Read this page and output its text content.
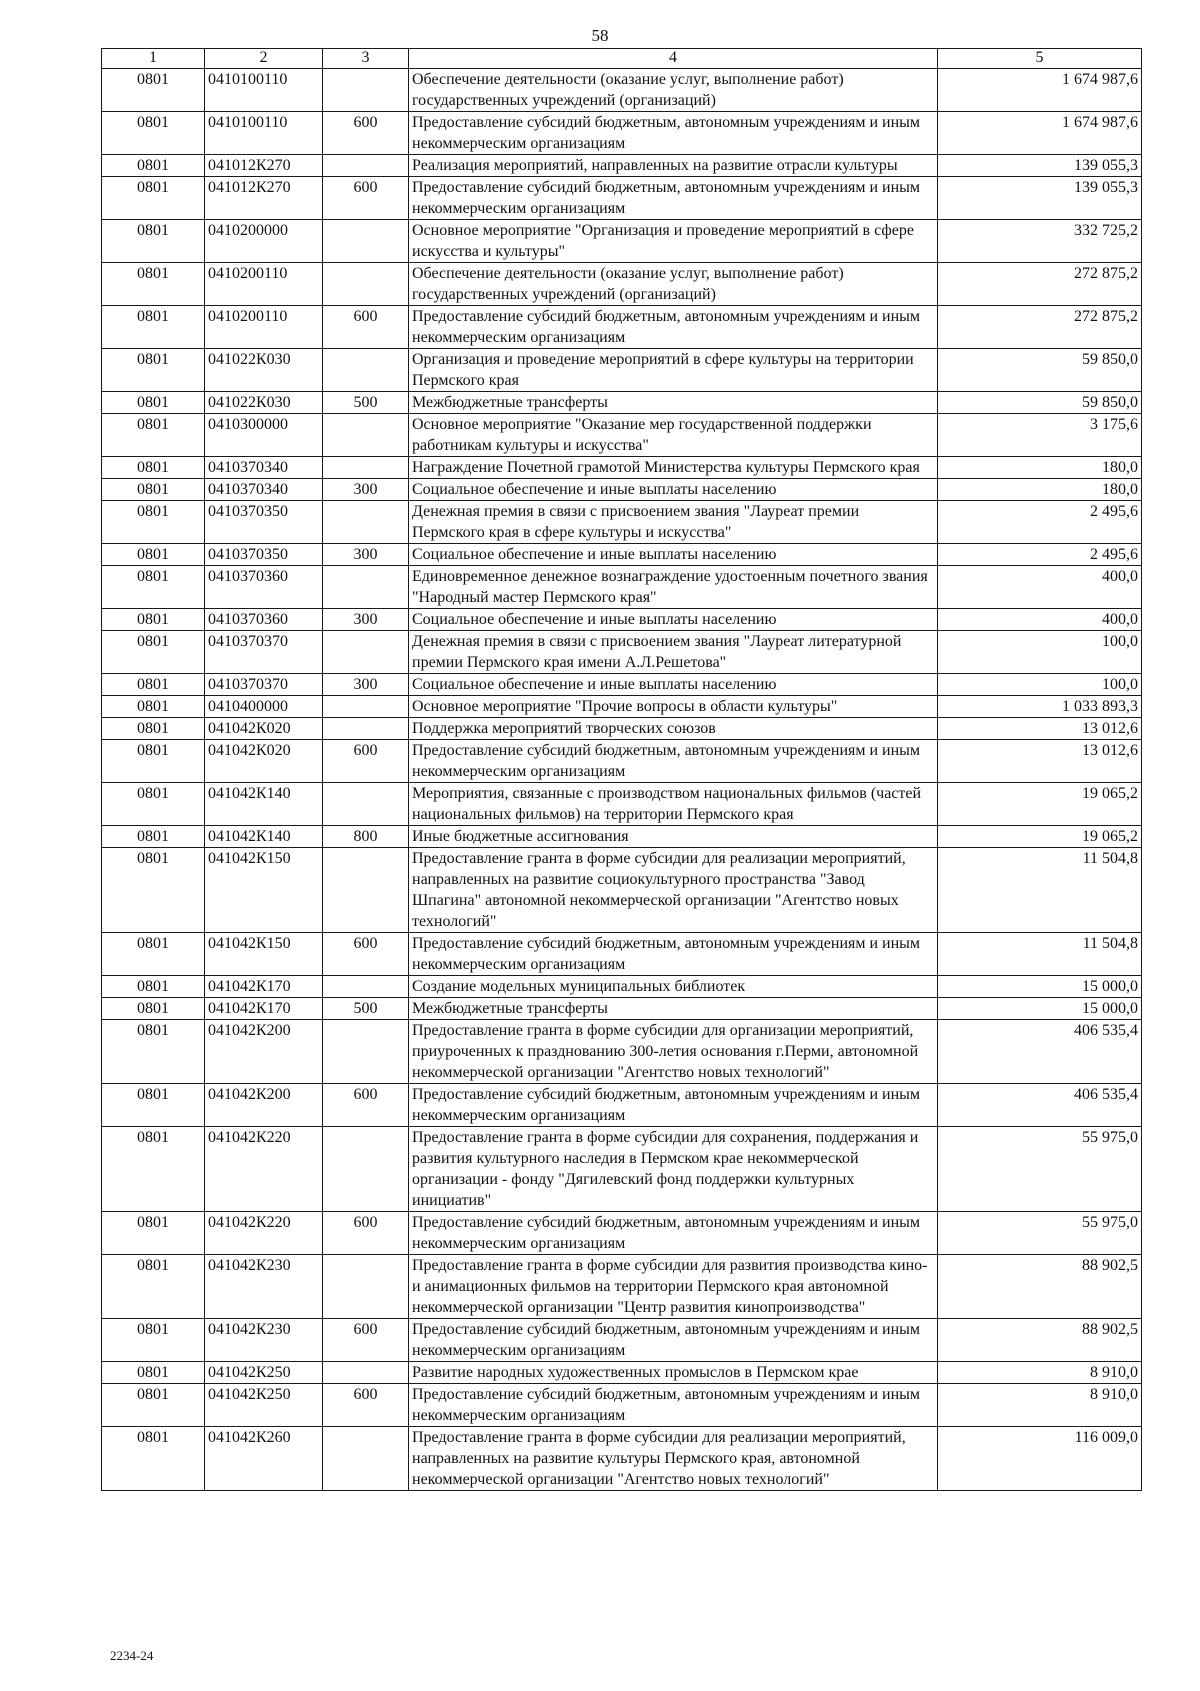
58
1	2	3	4	5
0801	0410100110		Обеспечение деятельности (оказание услуг, выполнение работ) государственных учреждений (организаций)	1 674 987,6
0801	0410100110	600	Предоставление субсидий бюджетным, автономным учреждениям и иным некоммерческим организациям	1 674 987,6
0801	041012К270		Реализация мероприятий, направленных на развитие отрасли культуры	139 055,3
0801	041012К270	600	Предоставление субсидий бюджетным, автономным учреждениям и иным некоммерческим организациям	139 055,3
0801	0410200000		Основное мероприятие "Организация и проведение мероприятий в сфере искусства и культуры"	332 725,2
0801	0410200110		Обеспечение деятельности (оказание услуг, выполнение работ) государственных учреждений (организаций)	272 875,2
0801	0410200110	600	Предоставление субсидий бюджетным, автономным учреждениям и иным некоммерческим организациям	272 875,2
0801	041022К030		Организация и проведение мероприятий в сфере культуры на территории Пермского края	59 850,0
0801	041022К030	500	Межбюджетные трансферты	59 850,0
0801	0410300000		Основное мероприятие "Оказание мер государственной поддержки работникам культуры и искусства"	3 175,6
0801	0410370340		Награждение Почетной грамотой Министерства культуры Пермского края	180,0
0801	0410370340	300	Социальное обеспечение и иные выплаты населению	180,0
0801	0410370350		Денежная премия в связи с присвоением звания "Лауреат премии Пермского края в сфере культуры и искусства"	2 495,6
0801	0410370350	300	Социальное обеспечение и иные выплаты населению	2 495,6
0801	0410370360		Единовременное денежное вознаграждение удостоенным почетного звания "Народный мастер Пермского края"	400,0
0801	0410370360	300	Социальное обеспечение и иные выплаты населению	400,0
0801	0410370370		Денежная премия в связи с присвоением звания "Лауреат литературной премии Пермского края имени А.Л.Решетова"	100,0
0801	0410370370	300	Социальное обеспечение и иные выплаты населению	100,0
0801	0410400000		Основное мероприятие "Прочие вопросы в области культуры"	1 033 893,3
0801	041042К020		Поддержка мероприятий творческих союзов	13 012,6
0801	041042К020	600	Предоставление субсидий бюджетным, автономным учреждениям и иным некоммерческим организациям	13 012,6
0801	041042К140		Мероприятия, связанные с производством национальных фильмов (частей национальных фильмов) на территории Пермского края	19 065,2
0801	041042К140	800	Иные бюджетные ассигнования	19 065,2
0801	041042К150		Предоставление гранта в форме субсидии для реализации мероприятий, направленных на развитие социокультурного пространства "Завод Шпагина" автономной некоммерческой организации "Агентство новых технологий"	11 504,8
0801	041042К150	600	Предоставление субсидий бюджетным, автономным учреждениям и иным некоммерческим организациям	11 504,8
0801	041042К170		Создание модельных муниципальных библиотек	15 000,0
0801	041042К170	500	Межбюджетные трансферты	15 000,0
0801	041042К200		Предоставление гранта в форме субсидии для организации мероприятий, приуроченных к празднованию 300-летия основания г.Перми, автономной некоммерческой организации "Агентство новых технологий"	406 535,4
0801	041042К200	600	Предоставление субсидий бюджетным, автономным учреждениям и иным некоммерческим организациям	406 535,4
0801	041042К220		Предоставление гранта в форме субсидии для сохранения, поддержания и развития культурного наследия в Пермском крае некоммерческой организации - фонду "Дягилевский фонд поддержки культурных инициатив"	55 975,0
0801	041042К220	600	Предоставление субсидий бюджетным, автономным учреждениям и иным некоммерческим организациям	55 975,0
0801	041042К230		Предоставление гранта в форме субсидии для развития производства кино- и анимационных фильмов на территории Пермского края автономной некоммерческой организации "Центр развития кинопроизводства"	88 902,5
0801	041042К230	600	Предоставление субсидий бюджетным, автономным учреждениям и иным некоммерческим организациям	88 902,5
0801	041042К250		Развитие народных художественных промыслов в Пермском крае	8 910,0
0801	041042К250	600	Предоставление субсидий бюджетным, автономным учреждениям и иным некоммерческим организациям	8 910,0
0801	041042К260		Предоставление гранта в форме субсидии для реализации мероприятий, направленных на развитие культуры Пермского края, автономной некоммерческой организации "Агентство новых технологий"	116 009,0
2234-24
